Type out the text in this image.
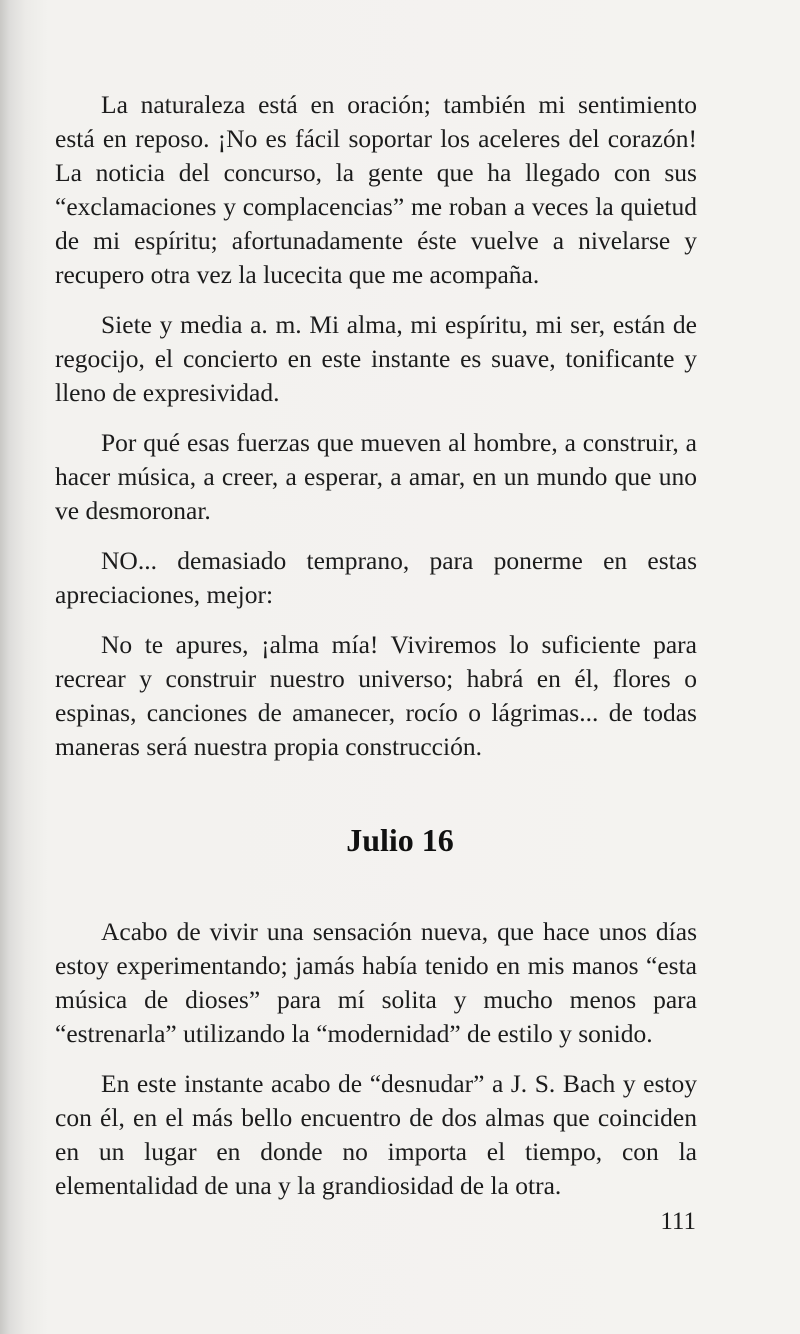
La naturaleza está en oración; también mi sentimiento está en reposo. ¡No es fácil soportar los aceleres del corazón! La noticia del concurso, la gente que ha llegado con sus “exclamaciones y complacencias” me roban a veces la quietud de mi espíritu; afortunadamente éste vuelve a nivelarse y recupero otra vez la lucecita que me acompaña.

Siete y media a. m. Mi alma, mi espíritu, mi ser, están de regocijo, el concierto en este instante es suave, tonificante y lleno de expresividad.

Por qué esas fuerzas que mueven al hombre, a construir, a hacer música, a creer, a esperar, a amar, en un mundo que uno ve desmoronar.

NO... demasiado temprano, para ponerme en estas apreciaciones, mejor:

No te apures, ¡alma mía! Viviremos lo suficiente para recrear y construir nuestro universo; habrá en él, flores o espinas, canciones de amanecer, rocío o lágrimas... de todas maneras será nuestra propia construcción.

Julio 16

Acabo de vivir una sensación nueva, que hace unos días estoy experimentando; jamás había tenido en mis manos “esta música de dioses” para mí solita y mucho menos para “estrenarla” utilizando la “modernidad” de estilo y sonido.

En este instante acabo de “desnudar” a J. S. Bach y estoy con él, en el más bello encuentro de dos almas que coinciden en un lugar en donde no importa el tiempo, con la elementalidad de una y la grandiosidad de la otra.

111
